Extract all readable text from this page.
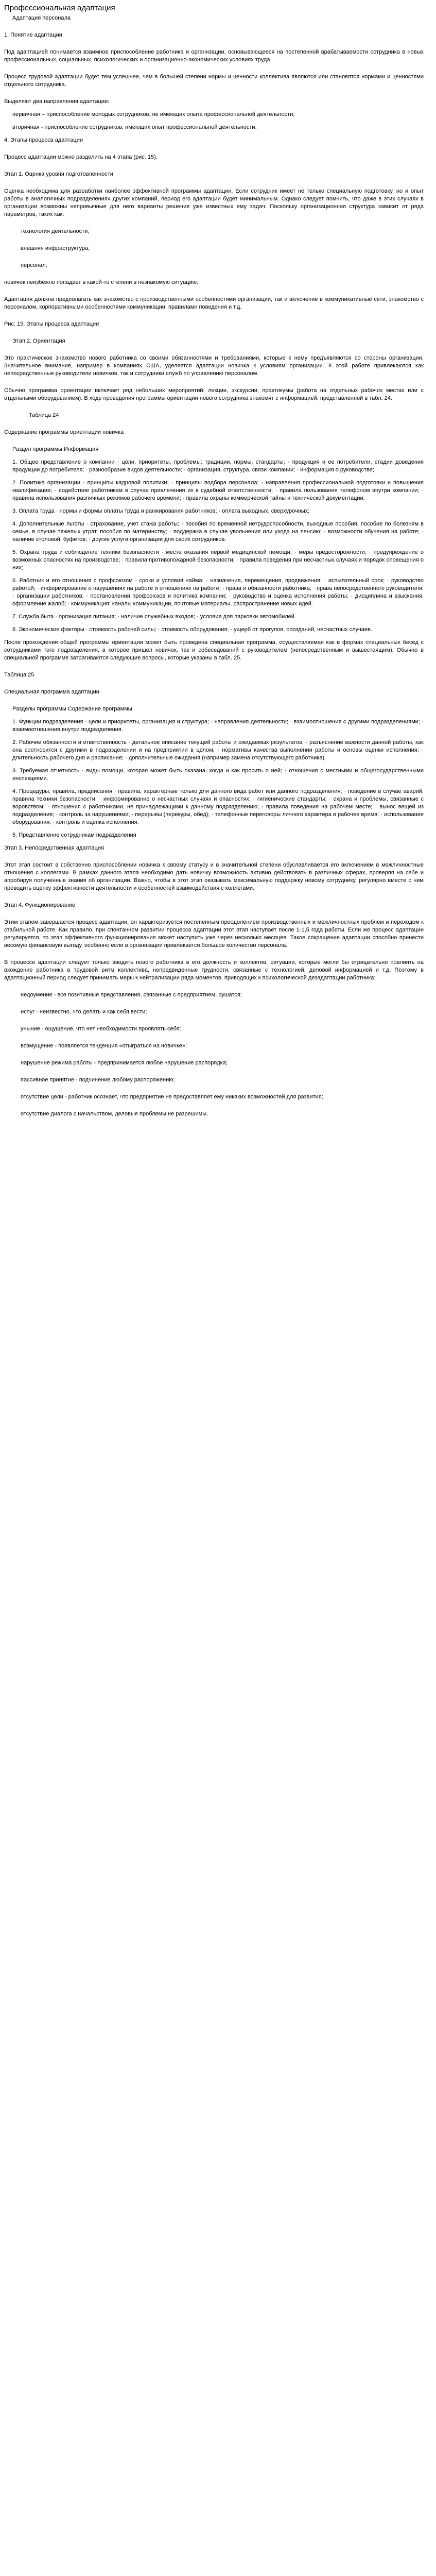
Профессиональная адаптация
Адаптация персонала
1. Понятие адаптации
Под адаптацией понимается взаимное приспособление работника и организации, основывающееся на постепенной врабатываемости сотрудника в новых профессиональных, социальных, психологических и организационно-экономических условиях труда.
Процесс трудовой адаптации будет тем успешнее, чем в большей степени нормы и ценности коллектива являются или становятся нормами и ценностями отдельного сотрудника.
Выделяют два направления адаптации:
первичная – приспособление молодых сотрудников, не имеющих опыта профессиональной деятельности;
вторичная - приспособление сотрудников, имеющих опыт профессиональной деятельности.
4. Этапы процесса адаптации
Процесс адаптации можно разделить на 4 этапа (рис. 15).
Этап 1. Оценка уровня подготовленности
Оценка необходима для разработки наиболее эффективной программы адаптации. Если сотрудник имеет не только специальную подготовку, но и опыт работы в аналогичных подразделениях других компаний, период его адаптации будет минимальным. Однако следует помнить, что даже в этих случаях в организации возможны непривычные для него варианты решения уже известных ему задач. Поскольку организационная структура зависит от ряда параметров, таких как:
технология деятельности;
внешняя инфраструктура;
персонал;
новичок неизбежно попадает в какой-то степени в незнакомую ситуацию.
Адаптация должна предполагать как знакомство с производственными особенностями организации, так и включение в коммуникативные сети, знакомство с персоналом, корпоративными особенностями коммуникации, правилами поведения и т.д.
Рис. 15. Этапы процесса адаптации
Этап 2. Ориентация
Это практическое знакомство нового работника со своими обязанностями и требованиями, которые к нему предъявляются со стороны организации. Значительное внимание, например в компаниях США, уделяется адаптации новичка к условиям организации. К этой работе привлекаются как непосредственные руководители новичков, так и сотрудники служб по управлению персоналом.
Обычно программа ориентации включает ряд небольших мероприятий: лекции, экскурсии, практикумы (работа на отдельных рабочих местах или с отдельными оборудованием). В ходе проведения программы ориентации нового сотрудника знакомят с информацией, представленной в табл. 24.
Таблица 24
Содержание программы ориентации новичка
Раздел программы Информация
1. Общее представление о компании · цели, приоритеты, проблемы; традиции, нормы, стандарты; · продукция и ее потребители, стадии доведения продукции до потребителя; · разнообразие видов деятельности; · организация, структура, связи компании; · информация о руководстве;
2. Политика организации · принципы кадровой политики; · принципы подбора персонала; · направления профессиональной подготовки и повышения квалификации; · содействие работникам в случае привлечения их к судебной ответственности; · правила пользования телефоном внутри компании; · правила использования различных режимов рабочего времени; · правила охраны коммерческой тайны и технической документации;
3. Оплата труда · нормы и формы оплаты труда и ранжирования работников; · оплата выходных, сверхурочных;
4. Дополнительные льготы · страхование, учет стажа работы; · пособия по временной нетрудоспособности, выходные пособия, пособие по болезням в семье, в случае тяжелых утрат, пособия по материнству; · поддержка в случае увольнения или ухода на пенсию; · возможности обучения на работе; · наличие столовой, буфетов; · другие услуги организации для своих сотрудников.
5. Охрана труда и соблюдение техники безопасности · места оказания первой медицинской помощи; · меры предосторожности; · предупреждение о возможных опасностях на производстве; · правила противопожарной безопасности; · правила поведения при несчастных случаях и порядок оповещения о них;
6. Работник и его отношения с профсоюзом · сроки и условия найма; · назначения, перемещения, продвижения; · испытательный срок; · руководство работой; · информирование о нарушениях на работе и отношениях на работе; · права и обязанности работника; · права непосредственного руководителя; · организации работников; · постановления профсоюзов и политика компании; · руководство и оценка исполнения работы; · дисциплина и взыскания, оформление жалоб; · коммуникация: каналы коммуникации, почтовые материалы, распространение новых идей.
7. Служба быта · организация питания; · наличие служебных входов; · условия для парковки автомобилей.
8. Экономические факторы · стоимость рабочей силы; · стоимость оборудования; · ущерб от прогулов, опозданий, несчастных случаев.
После прохождения общей программы ориентации может быть проведена специальная программа, осуществляемая как в формах специальных бесед с сотрудниками того подразделения, в которое пришел новичок, так и собеседований с руководителем (непосредственным и вышестоящим). Обычно в специальной программе затрагиваются следующие вопросы, которые указаны в табл. 25.
Таблица 25
Специальная программа адаптации
Разделы программы Содержание программы
1. Функции подразделения · цели и приоритеты, организация и структура; · направления деятельности; · взаимоотношения с другими подразделениями; · взаимоотношения внутри подразделения.
2. Рабочие обязанности и ответственность · детальное описание текущей работы и ожидаемых результатов; · разъяснение важности данной работы, как она соотносится с другими в подразделении и на предприятии в целом; · нормативы качества выполнения работы и основы оценки исполнения; · длительность рабочего дня и расписание; · дополнительные ожидания (например замена отсутствующего работника).
3. Требуемая отчетность · виды помощи, которая может быть оказана, когда и как просить о ней; · отношения с местными и общегосударственными инспекциями.
4. Процедуры, правила, предписания · правила, характерные только для данного вида работ или данного подразделения; · поведение в случае аварий, правила техники безопасности; · информирование о несчастных случаях и опасностях; · гигиенические стандарты; · охрана и проблемы, связанные с воровством; · отношения с работниками, не принадлежащими к данному подразделению; · правила поведения на рабочем месте; · вынос вещей из подразделения; · контроль за нарушениями; · перерывы (перекуры, обед); · телефонные переговоры личного характера в рабочее время; · использование оборудования; · контроль и оценка исполнения.
5. Представление сотрудникам подразделения
Этап 3. Непосредственная адаптация
Этот этап состоит в собственно приспособлении новичка к своему статусу и в значительной степени обуславливается его включением в межличностные отношения с коллегами. В рамках данного этапа необходимо дать новичку возможность активно действовать в различных сферах, проверяя на себе и апробируя полученные знания об организации. Важно, чтобы в этот этап оказывать максимальную поддержку новому сотруднику, регулярно вместе с ним проводить оценку эффективности деятельности и особенностей взаимодействия с коллегами.
Этап 4. Функционирование
Этим этапом завершается процесс адаптации, он характеризуется постепенным преодолением производственных и межличностных проблем и переходом к стабильной работе. Как правило, при спонтанном развитии процесса адаптации этот этап наступает после 1-1,5 года работы. Если же процесс адаптации регулируется, то этап эффективного функционирования может наступить уже через несколько месяцев. Такое сокращение адаптации способно принести весомую финансовую выгоду, особенно если в организации привлекается большое количество персонала.
В процессе адаптации следует только вводить нового работника в его должность и коллектив, ситуации, которые могли бы отрицательно повлиять на вхождение работника в трудовой ритм коллектива, непредвиденные трудности, связанные с технологией, деловой информацией и т.д. Поэтому в адаптационный период следует принимать меры к нейтрализации ряда моментов, приводящих к психологической дезадаптации работника:
недоумение - все позитивные представления, связанные с предприятием, рушатся;
испуг - неизвестно, что делать и как себя вести;
уныние - ощущение, что нет необходимости проявлять себя;
возмущение - появляется тенденция «отыграться на новичке»;
нарушение режима работы - предпринимается любое нарушение распорядка;
пассивное принятие - подчинение любому распоряжению;
отсутствие цели - работник осознает, что предприятие не предоставляет ему никаких возможностей для развития;
отсутствие диалога с начальством, деловые проблемы не разрешимы.
